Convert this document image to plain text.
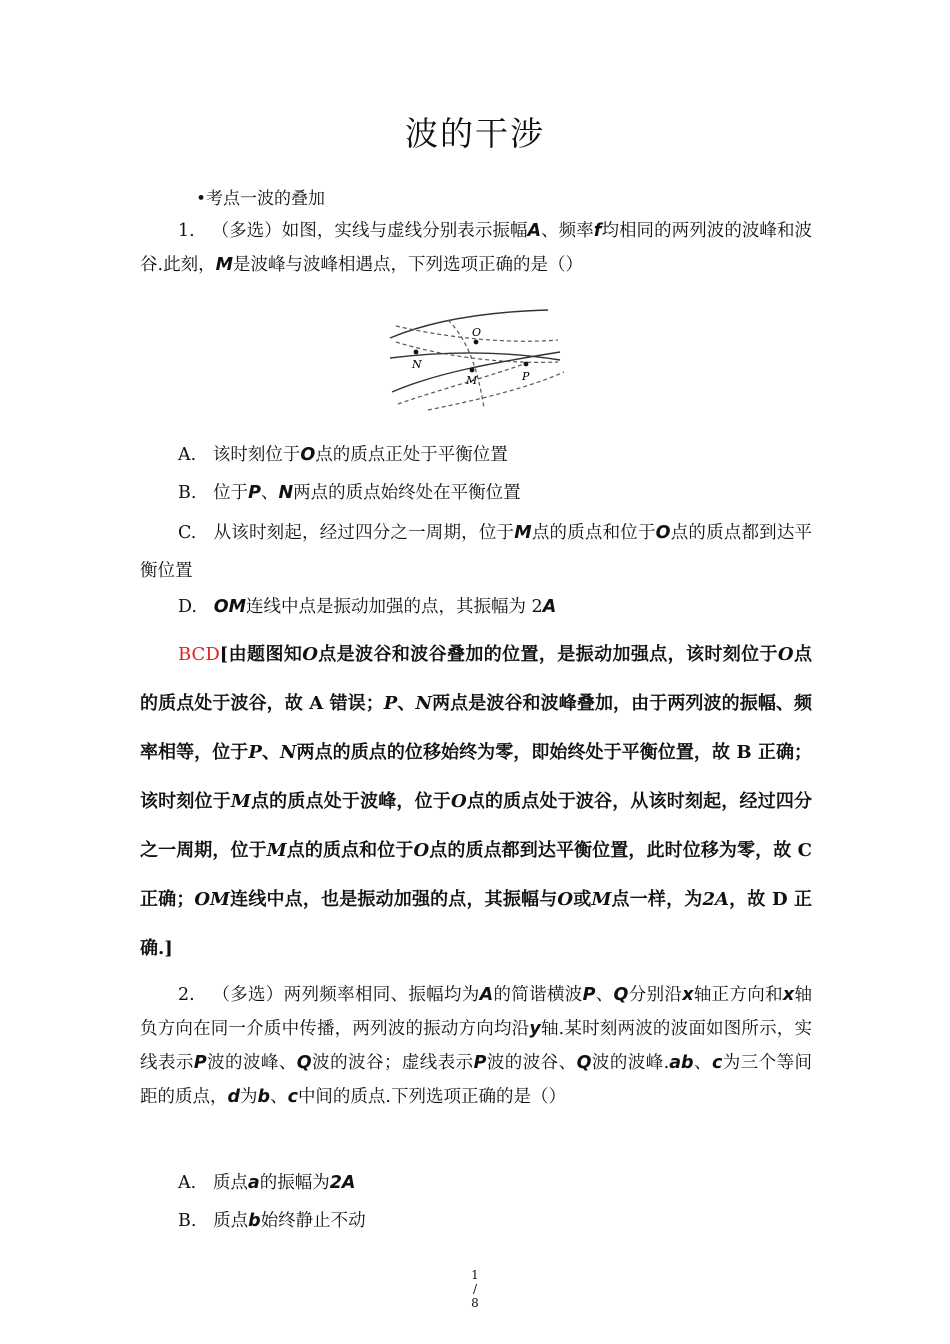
波的干涉
•考点一波的叠加
1. （多选）如图，实线与虚线分别表示振幅A、频率f均相同的两列波的波峰和波谷.此刻，M是波峰与波峰相遇点，下列选项正确的是（）
O
N
M	P
A. 该时刻位于O点的质点正处于平衡位置
B. 位于P、N两点的质点始终处在平衡位置
C. 从该时刻起，经过四分之一周期，位于M点的质点和位于O点的质点都到达平衡位置
D. OM连线中点是振动加强的点，其振幅为 2A
BCD[由题图知O点是波谷和波谷叠加的位置，是振动加强点，该时刻位于O点的质点处于波谷，故 A 错误；P、N两点是波谷和波峰叠加，由于两列波的振幅、频率相等，位于P、N两点的质点的位移始终为零，即始终处于平衡位置，故 B 正确；该时刻位于M点的质点处于波峰，位于O点的质点处于波谷，从该时刻起，经过四分之一周期，位于M点的质点和位于O点的质点都到达平衡位置，此时位移为零，故 C 正确；OM连线中点，也是振动加强的点，其振幅与O或M点一样，为2A，故 D 正确.]
2. （多选）两列频率相同、振幅均为A的简谐横波P、Q分别沿x轴正方向和x轴负方向在同一介质中传播，两列波的振动方向均沿y轴.某时刻两波的波面如图所示，实线表示P波的波峰、Q波的波谷；虚线表示P波的波谷、Q波的波峰.ab、c为三个等间距的质点，d为b、c中间的质点.下列选项正确的是（）
A. 质点a的振幅为2A
B. 质点b始终静止不动
1
/
8
